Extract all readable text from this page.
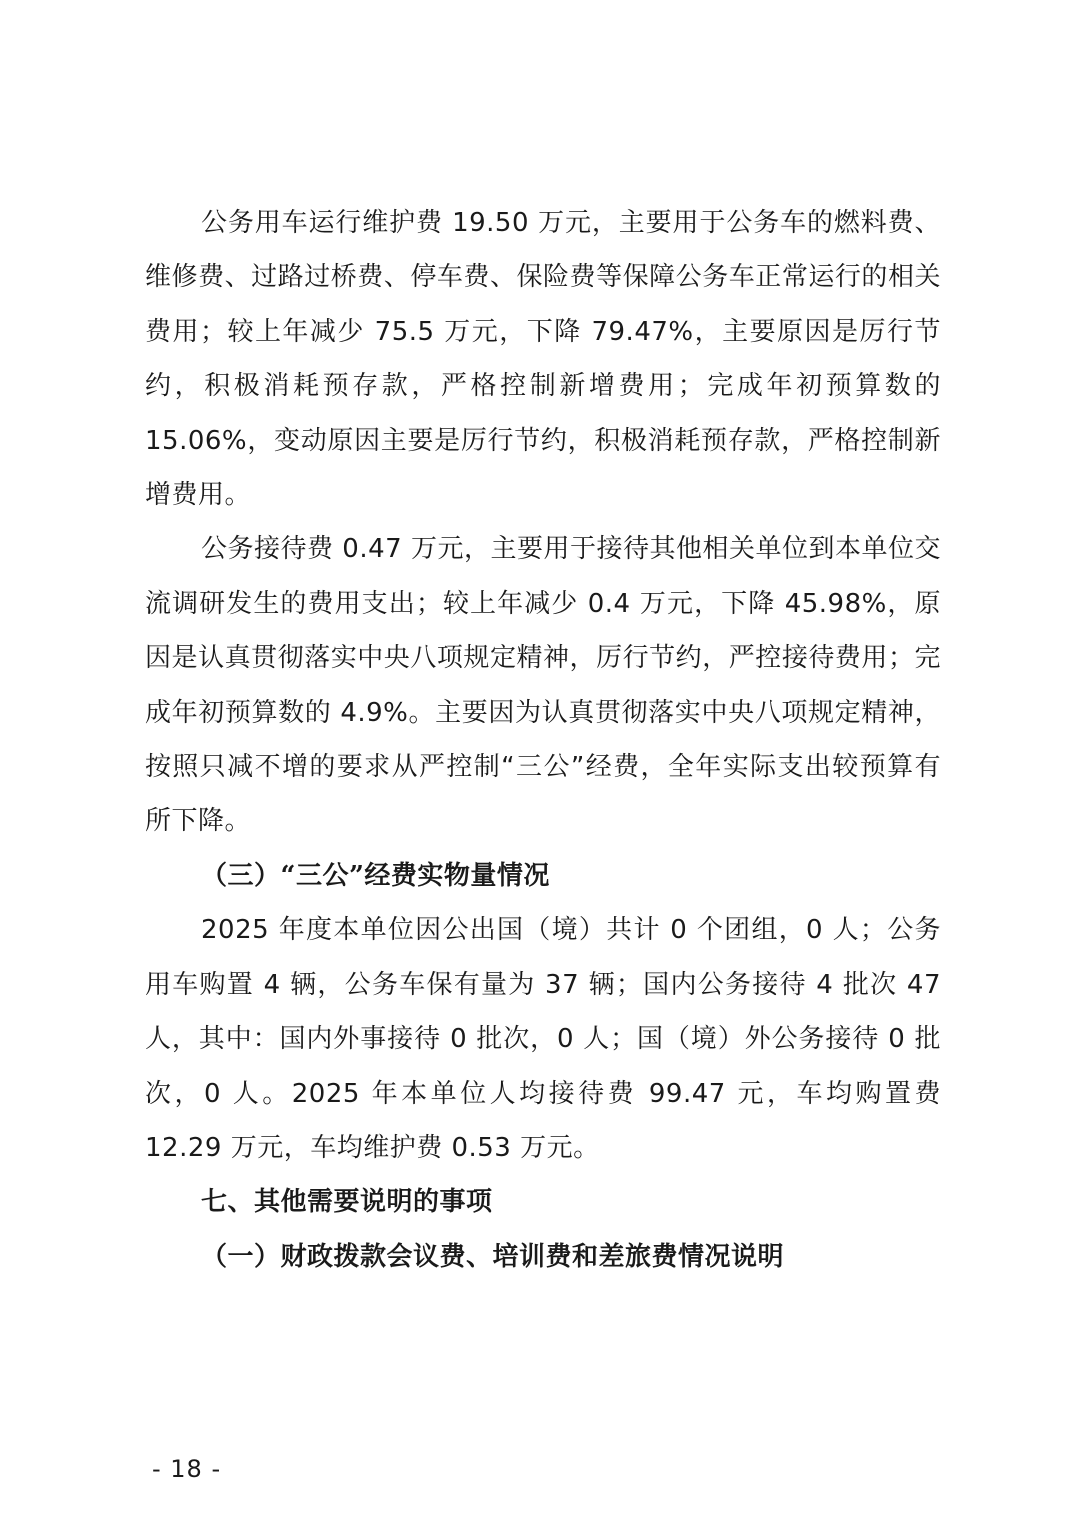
公务用车运行维护费 19.50 万元，主要用于公务车的燃料费、维修费、过路过桥费、停车费、保险费等保障公务车正常运行的相关费用；较上年减少 75.5 万元，下降 79.47%，主要原因是厉行节约，积极消耗预存款，严格控制新增费用；完成年初预算数的 15.06%，变动原因主要是厉行节约，积极消耗预存款，严格控制新增费用。

公务接待费 0.47 万元，主要用于接待其他相关单位到本单位交流调研发生的费用支出；较上年减少 0.4 万元，下降 45.98%，原因是认真贯彻落实中央八项规定精神，厉行节约，严控接待费用；完成年初预算数的 4.9%。主要因为认真贯彻落实中央八项规定精神，按照只减不增的要求从严控制“三公”经费，全年实际支出较预算有所下降。

（三）“三公”经费实物量情况

2025 年度本单位因公出国（境）共计 0 个团组，0 人；公务用车购置 4 辆，公务车保有量为 37 辆；国内公务接待 4 批次 47 人，其中：国内外事接待 0 批次，0 人；国（境）外公务接待 0 批次，0 人。2025 年本单位人均接待费 99.47 元，车均购置费 12.29 万元，车均维护费 0.53 万元。

七、其他需要说明的事项

（一）财政拨款会议费、培训费和差旅费情况说明

- 18 -
